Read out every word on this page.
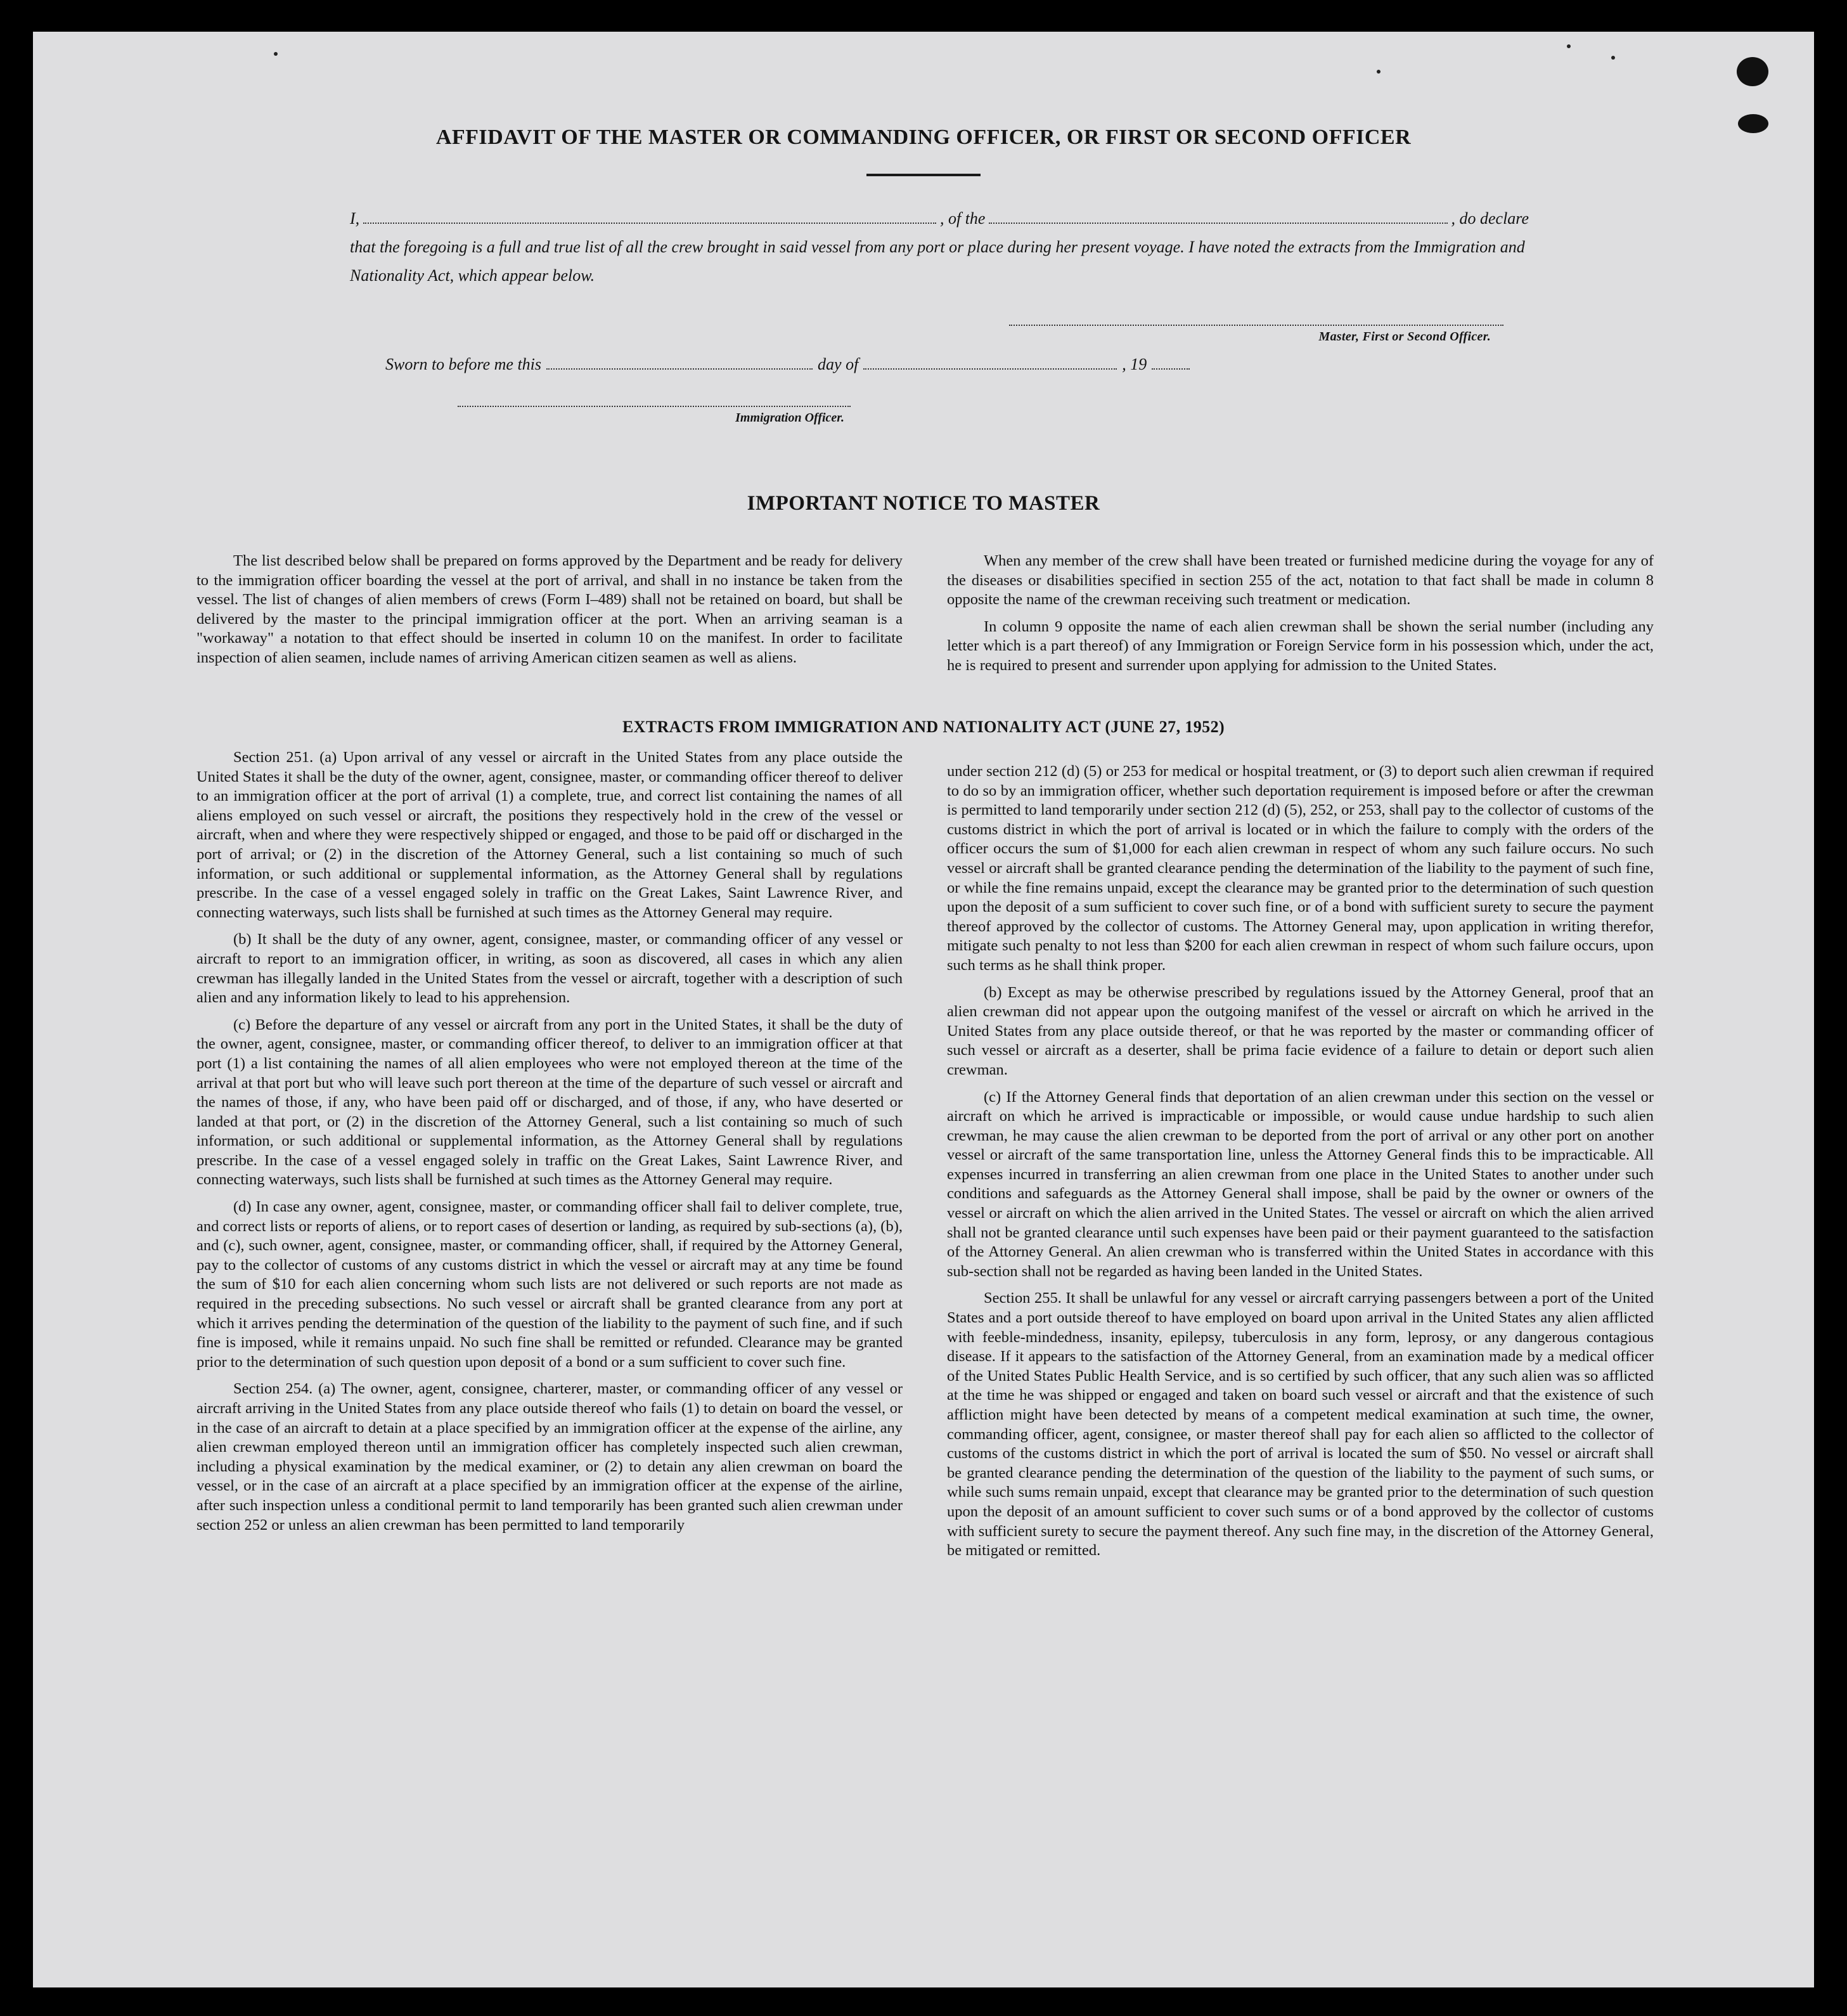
AFFIDAVIT OF THE MASTER OR COMMANDING OFFICER, OR FIRST OR SECOND OFFICER
I,	, of the	, do declare
that the foregoing is a full and true list of all the crew brought in said vessel from any port or place during her present voyage. I have noted the extracts from the Immigration and Nationality Act, which appear below.
Master, First or Second Officer.
Sworn to before me this	day of	, 19
Immigration Officer.
IMPORTANT NOTICE TO MASTER

The list described below shall be prepared on forms approved by the Department and be ready for delivery to the immigration officer boarding the vessel at the port of arrival, and shall in no instance be taken from the vessel. The list of changes of alien members of crews (Form I–489) shall not be retained on board, but shall be delivered by the master to the principal immigration officer at the port. When an arriving seaman is a "workaway" a notation to that effect should be inserted in column 10 on the manifest. In order to facilitate inspection of alien seamen, include names of arriving American citizen seamen as well as aliens.

When any member of the crew shall have been treated or furnished medicine during the voyage for any of the diseases or disabilities specified in section 255 of the act, notation to that fact shall be made in column 8 opposite the name of the crewman receiving such treatment or medication.

In column 9 opposite the name of each alien crewman shall be shown the serial number (including any letter which is a part thereof) of any Immigration or Foreign Service form in his possession which, under the act, he is required to present and surrender upon applying for admission to the United States.

EXTRACTS FROM IMMIGRATION AND NATIONALITY ACT (JUNE 27, 1952)

Section 251. (a) Upon arrival of any vessel or aircraft in the United States from any place outside the United States it shall be the duty of the owner, agent, consignee, master, or commanding officer thereof to deliver to an immigration officer at the port of arrival (1) a complete, true, and correct list containing the names of all aliens employed on such vessel or aircraft, the positions they respectively hold in the crew of the vessel or aircraft, when and where they were respectively shipped or engaged, and those to be paid off or discharged in the port of arrival; or (2) in the discretion of the Attorney General, such a list containing so much of such information, or such additional or supplemental information, as the Attorney General shall by regulations prescribe. In the case of a vessel engaged solely in traffic on the Great Lakes, Saint Lawrence River, and connecting waterways, such lists shall be furnished at such times as the Attorney General may require.

(b) It shall be the duty of any owner, agent, consignee, master, or commanding officer of any vessel or aircraft to report to an immigration officer, in writing, as soon as discovered, all cases in which any alien crewman has illegally landed in the United States from the vessel or aircraft, together with a description of such alien and any information likely to lead to his apprehension.

(c) Before the departure of any vessel or aircraft from any port in the United States, it shall be the duty of the owner, agent, consignee, master, or commanding officer thereof, to deliver to an immigration officer at that port (1) a list containing the names of all alien employees who were not employed thereon at the time of the arrival at that port but who will leave such port thereon at the time of the departure of such vessel or aircraft and the names of those, if any, who have been paid off or discharged, and of those, if any, who have deserted or landed at that port, or (2) in the discretion of the Attorney General, such a list containing so much of such information, or such additional or supplemental information, as the Attorney General shall by regulations prescribe. In the case of a vessel engaged solely in traffic on the Great Lakes, Saint Lawrence River, and connecting waterways, such lists shall be furnished at such times as the Attorney General may require.

(d) In case any owner, agent, consignee, master, or commanding officer shall fail to deliver complete, true, and correct lists or reports of aliens, or to report cases of desertion or landing, as required by sub-sections (a), (b), and (c), such owner, agent, consignee, master, or commanding officer, shall, if required by the Attorney General, pay to the collector of customs of any customs district in which the vessel or aircraft may at any time be found the sum of $10 for each alien concerning whom such lists are not delivered or such reports are not made as required in the preceding subsections. No such vessel or aircraft shall be granted clearance from any port at which it arrives pending the determination of the question of the liability to the payment of such fine, and if such fine is imposed, while it remains unpaid. No such fine shall be remitted or refunded. Clearance may be granted prior to the determination of such question upon deposit of a bond or a sum sufficient to cover such fine.

Section 254. (a) The owner, agent, consignee, charterer, master, or commanding officer of any vessel or aircraft arriving in the United States from any place outside thereof who fails (1) to detain on board the vessel, or in the case of an aircraft to detain at a place specified by an immigration officer at the expense of the airline, any alien crewman employed thereon until an immigration officer has completely inspected such alien crewman, including a physical examination by the medical examiner, or (2) to detain any alien crewman on board the vessel, or in the case of an aircraft at a place specified by an immigration officer at the expense of the airline, after such inspection unless a conditional permit to land temporarily has been granted such alien crewman under section 252 or unless an alien crewman has been permitted to land temporarily

under section 212 (d) (5) or 253 for medical or hospital treatment, or (3) to deport such alien crewman if required to do so by an immigration officer, whether such deportation requirement is imposed before or after the crewman is permitted to land temporarily under section 212 (d) (5), 252, or 253, shall pay to the collector of customs of the customs district in which the port of arrival is located or in which the failure to comply with the orders of the officer occurs the sum of $1,000 for each alien crewman in respect of whom any such failure occurs. No such vessel or aircraft shall be granted clearance pending the determination of the liability to the payment of such fine, or while the fine remains unpaid, except the clearance may be granted prior to the determination of such question upon the deposit of a sum sufficient to cover such fine, or of a bond with sufficient surety to secure the payment thereof approved by the collector of customs. The Attorney General may, upon application in writing therefor, mitigate such penalty to not less than $200 for each alien crewman in respect of whom such failure occurs, upon such terms as he shall think proper.

(b) Except as may be otherwise prescribed by regulations issued by the Attorney General, proof that an alien crewman did not appear upon the outgoing manifest of the vessel or aircraft on which he arrived in the United States from any place outside thereof, or that he was reported by the master or commanding officer of such vessel or aircraft as a deserter, shall be prima facie evidence of a failure to detain or deport such alien crewman.

(c) If the Attorney General finds that deportation of an alien crewman under this section on the vessel or aircraft on which he arrived is impracticable or impossible, or would cause undue hardship to such alien crewman, he may cause the alien crewman to be deported from the port of arrival or any other port on another vessel or aircraft of the same transportation line, unless the Attorney General finds this to be impracticable. All expenses incurred in transferring an alien crewman from one place in the United States to another under such conditions and safeguards as the Attorney General shall impose, shall be paid by the owner or owners of the vessel or aircraft on which the alien arrived in the United States. The vessel or aircraft on which the alien arrived shall not be granted clearance until such expenses have been paid or their payment guaranteed to the satisfaction of the Attorney General. An alien crewman who is transferred within the United States in accordance with this sub-section shall not be regarded as having been landed in the United States.

Section 255. It shall be unlawful for any vessel or aircraft carrying passengers between a port of the United States and a port outside thereof to have employed on board upon arrival in the United States any alien afflicted with feeble-mindedness, insanity, epilepsy, tuberculosis in any form, leprosy, or any dangerous contagious disease. If it appears to the satisfaction of the Attorney General, from an examination made by a medical officer of the United States Public Health Service, and is so certified by such officer, that any such alien was so afflicted at the time he was shipped or engaged and taken on board such vessel or aircraft and that the existence of such affliction might have been detected by means of a competent medical examination at such time, the owner, commanding officer, agent, consignee, or master thereof shall pay for each alien so afflicted to the collector of customs of the customs district in which the port of arrival is located the sum of $50. No vessel or aircraft shall be granted clearance pending the determination of the question of the liability to the payment of such sums, or while such sums remain unpaid, except that clearance may be granted prior to the determination of such question upon the deposit of an amount sufficient to cover such sums or of a bond approved by the collector of customs with sufficient surety to secure the payment thereof. Any such fine may, in the discretion of the Attorney General, be mitigated or remitted.
